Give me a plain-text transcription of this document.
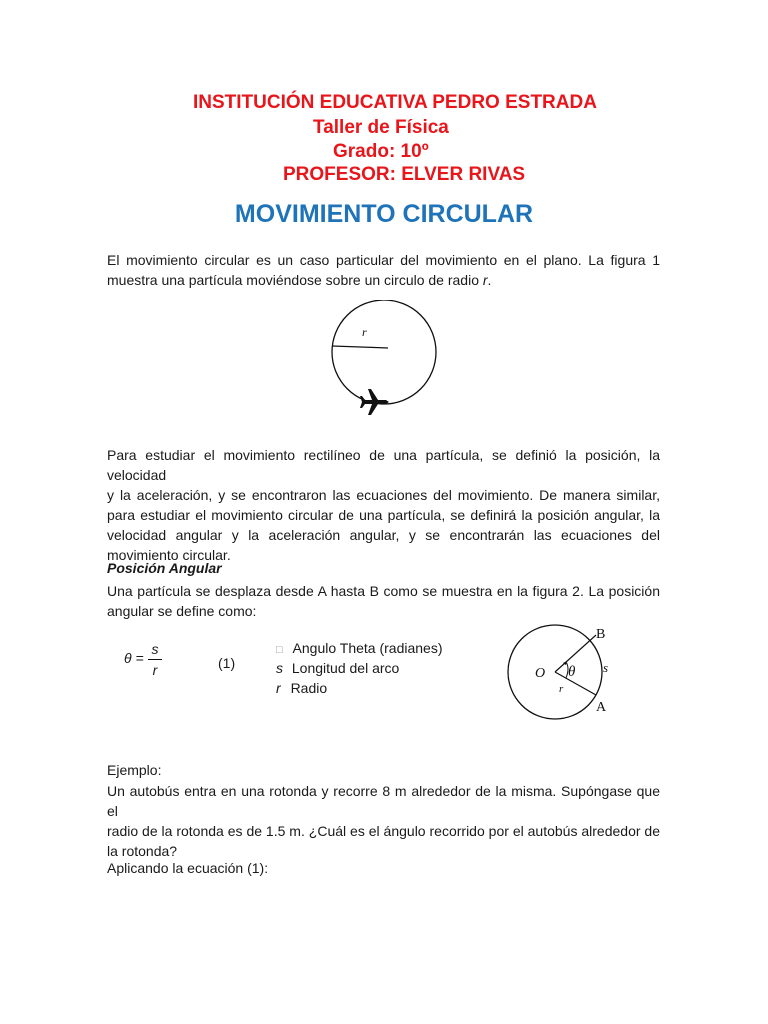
INSTITUCIÓN EDUCATIVA PEDRO ESTRADA
Taller de Física
Grado: 10º
PROFESOR: ELVER RIVAS
MOVIMIENTO CIRCULAR
El movimiento circular es un caso particular del movimiento en el plano. La figura 1
muestra una partícula moviéndose sobre un circulo de radio r.
r
Para estudiar el movimiento rectilíneo de una partícula, se definió la posición, la velocidad
y la aceleración, y se encontraron las ecuaciones del movimiento. De manera similar,
para estudiar el movimiento circular de una partícula, se definirá la posición angular, la
velocidad angular y la aceleración angular, y se encontrarán las ecuaciones del
movimiento circular.
Posición Angular
Una partícula se desplaza desde A hasta B como se muestra en la figura 2. La posición
angular se define como:
θ =
s
r	(1)
□ Angulo Theta (radianes)
s Longitud del arco
r Radio
B
A
O θ s
r
Ejemplo:
Un autobús entra en una rotonda y recorre 8 m alrededor de la misma. Supóngase que el
radio de la rotonda es de 1.5 m. ¿Cuál es el ángulo recorrido por el autobús alrededor de
la rotonda?
Aplicando la ecuación (1):
